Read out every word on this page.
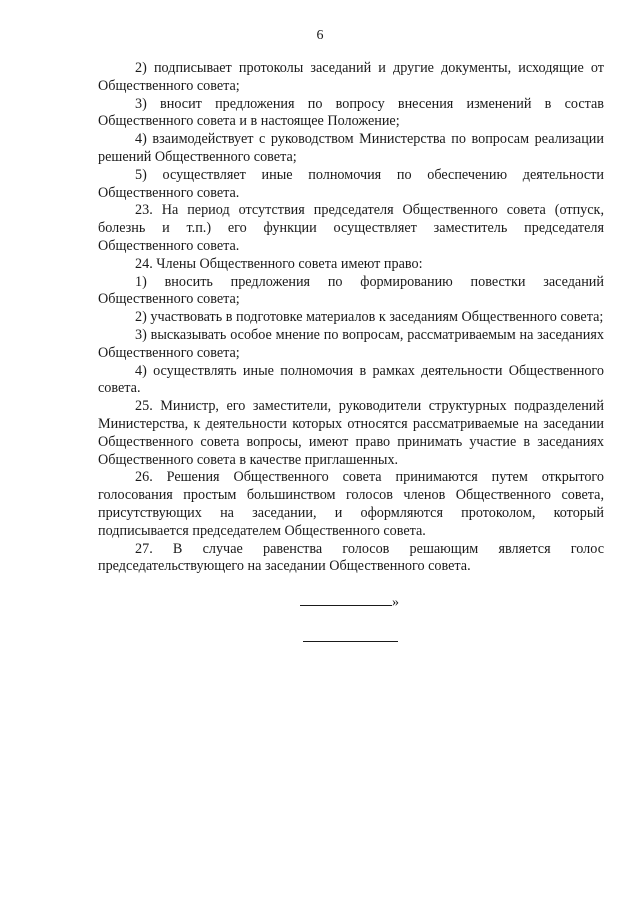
6

2) подписывает протоколы заседаний и другие документы, исходящие от Общественного совета;

3) вносит предложения по вопросу внесения изменений в состав Общественного совета и в настоящее Положение;

4) взаимодействует с руководством Министерства по вопросам реализации решений Общественного совета;

5) осуществляет иные полномочия по обеспечению деятельности Общественного совета.

23. На период отсутствия председателя Общественного совета (отпуск, болезнь и т.п.) его функции осуществляет заместитель председателя Общественного совета.

24. Члены Общественного совета имеют право:

1) вносить предложения по формированию повестки заседаний Общественного совета;

2) участвовать в подготовке материалов к заседаниям Общественного совета;

3) высказывать особое мнение по вопросам, рассматриваемым на заседаниях Общественного совета;

4) осуществлять иные полномочия в рамках деятельности Общественного совета.

25. Министр, его заместители, руководители структурных подразделений Министерства, к деятельности которых относятся рассматриваемые на заседании Общественного совета вопросы, имеют право принимать участие в заседаниях Общественного совета в качестве приглашенных.

26. Решения Общественного совета принимаются путем открытого голосования простым большинством голосов членов Общественного совета, присутствующих на заседании, и оформляются протоколом, который подписывается председателем Общественного совета.

27. В случае равенства голосов решающим является голос председательствующего на заседании Общественного совета.

»
